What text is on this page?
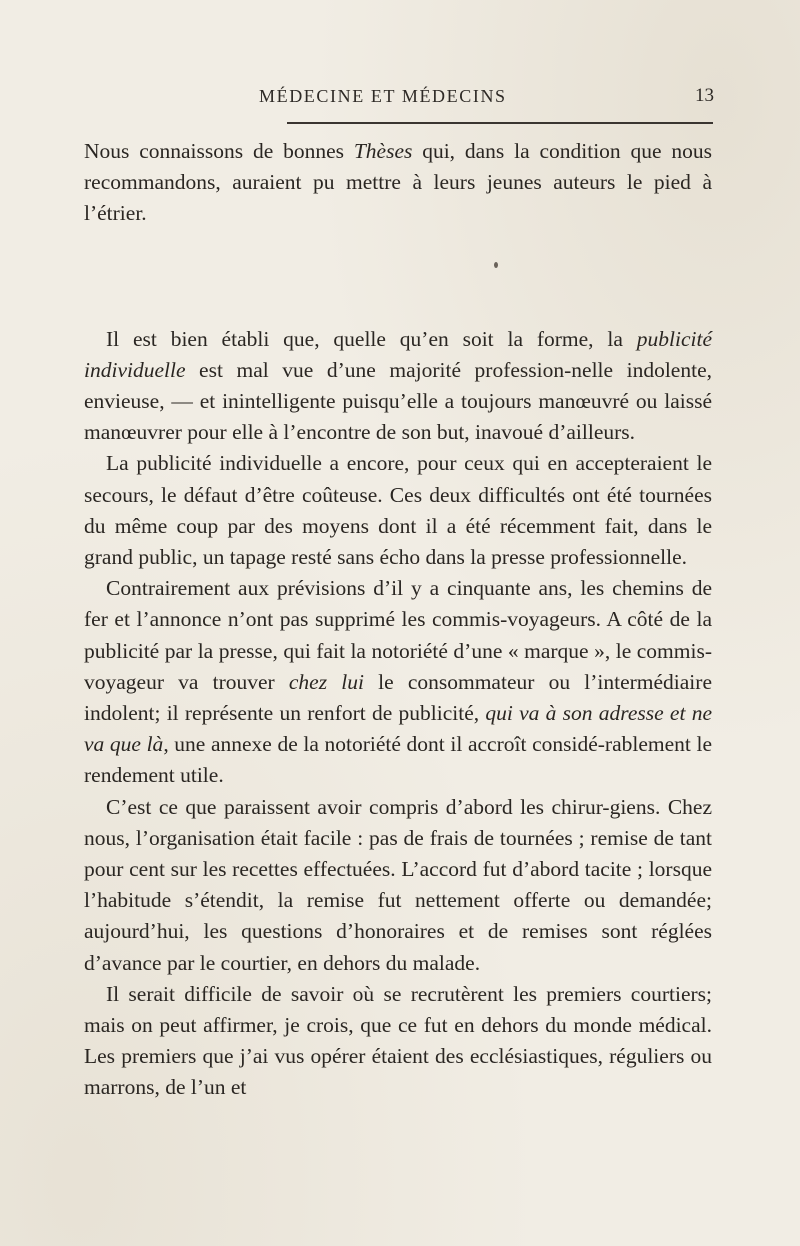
MÉDECINE ET MÉDECINS	13

Nous connaissons de bonnes Thèses qui, dans la condition que nous recommandons, auraient pu mettre à leurs jeunes auteurs le pied à l’étrier.

Il est bien établi que, quelle qu’en soit la forme, la publicité individuelle est mal vue d’une majorité profession-nelle indolente, envieuse, — et inintelligente puisqu’elle a toujours manœuvré ou laissé manœuvrer pour elle à l’encontre de son but, inavoué d’ailleurs.

La publicité individuelle a encore, pour ceux qui en accepteraient le secours, le défaut d’être coûteuse. Ces deux difficultés ont été tournées du même coup par des moyens dont il a été récemment fait, dans le grand public, un tapage resté sans écho dans la presse professionnelle.

Contrairement aux prévisions d’il y a cinquante ans, les chemins de fer et l’annonce n’ont pas supprimé les commis-voyageurs. A côté de la publicité par la presse, qui fait la notoriété d’une « marque », le commis-voyageur va trouver chez lui le consommateur ou l’intermédiaire indolent; il représente un renfort de publicité, qui va à son adresse et ne va que là, une annexe de la notoriété dont il accroît considé-rablement le rendement utile.

C’est ce que paraissent avoir compris d’abord les chirur-giens. Chez nous, l’organisation était facile : pas de frais de tournées ; remise de tant pour cent sur les recettes effectuées. L’accord fut d’abord tacite ; lorsque l’habitude s’étendit, la remise fut nettement offerte ou demandée; aujourd’hui, les questions d’honoraires et de remises sont réglées d’avance par le courtier, en dehors du malade.

Il serait difficile de savoir où se recrutèrent les premiers courtiers; mais on peut affirmer, je crois, que ce fut en dehors du monde médical. Les premiers que j’ai vus opérer étaient des ecclésiastiques, réguliers ou marrons, de l’un et
